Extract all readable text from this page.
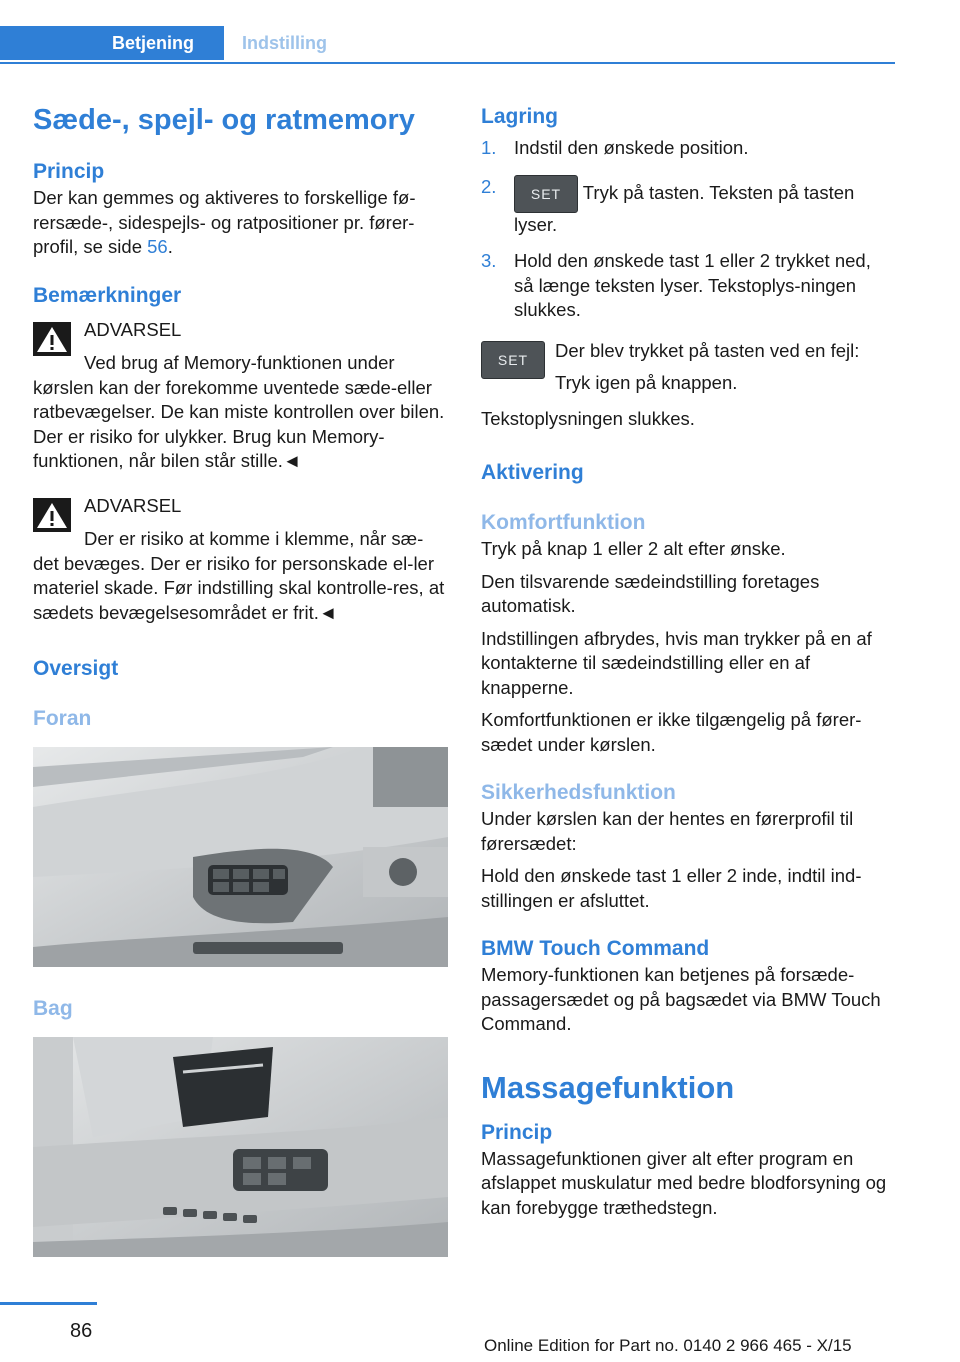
Betjening	Indstilling
Sæde-, spejl- og ratmemory
Princip

Der kan gemmes og aktiveres to forskellige fø-rersæde-, sidespejls- og ratpositioner pr. fører-profil, se side 56.

Bemærkninger
ADVARSEL
Ved brug af Memory-funktionen under kørslen kan der forekomme uventede sæde-eller ratbevægelser. De kan miste kontrollen over bilen. Der er risiko for ulykker. Brug kun Memory-funktionen, når bilen står stille.◄
ADVARSEL
Der er risiko at komme i klemme, når sæ-det bevæges. Der er risiko for personskade el-ler materiel skade. Før indstilling skal kontrolle-res, at sædets bevægelsesområdet er frit.◄
Oversigt
Foran
Bag
Lagring
1. Indstil den ønskede position.
2. SET Tryk på tasten. Teksten på tasten lyser.
3. Hold den ønskede tast 1 eller 2 trykket ned, så længe teksten lyser. Tekstoplys-ningen slukkes.
SET	Der blev trykket på tasten ved en fejl:

Tryk igen på knappen.

Tekstoplysningen slukkes.

Aktivering
Komfortfunktion

Tryk på knap 1 eller 2 alt efter ønske.

Den tilsvarende sædeindstilling foretages automatisk.

Indstillingen afbrydes, hvis man trykker på en af kontakterne til sædeindstilling eller en af knapperne.

Komfortfunktionen er ikke tilgængelig på fører-sædet under kørslen.

Sikkerhedsfunktion

Under kørslen kan der hentes en førerprofil til førersædet:

Hold den ønskede tast 1 eller 2 inde, indtil ind-stillingen er afsluttet.

BMW Touch Command

Memory-funktionen kan betjenes på forsæde-passagersædet og på bagsædet via BMW Touch Command.

Massagefunktion
Princip

Massagefunktionen giver alt efter program en afslappet muskulatur med bedre blodforsyning og kan forebygge træthedstegn.

86
Online Edition for Part no. 0140 2 966 465 - X/15
